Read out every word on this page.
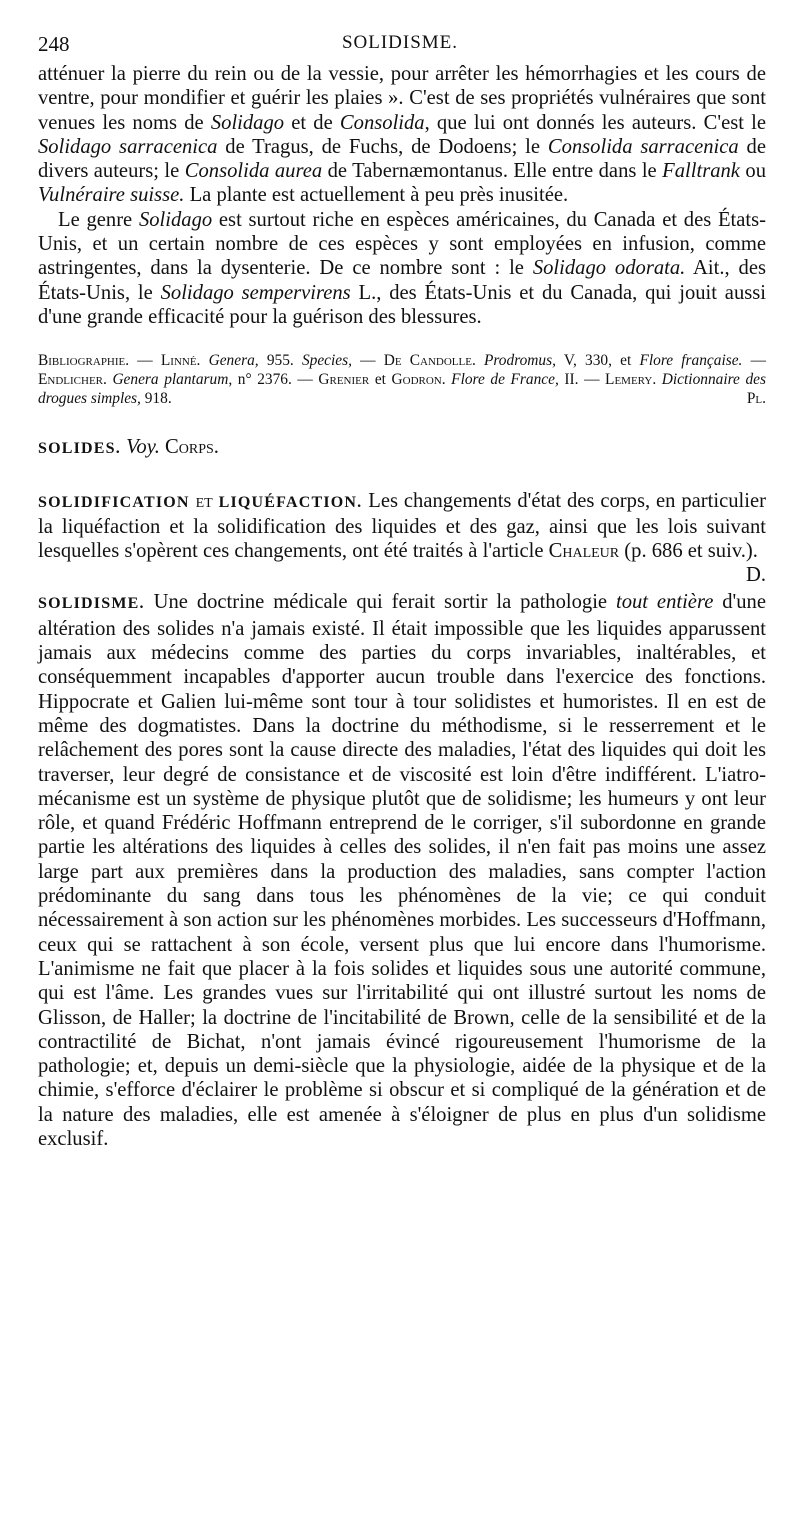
248	SOLIDISME.

atténuer la pierre du rein ou de la vessie, pour arrêter les hémorrhagies et les cours de ventre, pour mondifier et guérir les plaies ». C'est de ses propriétés vulnéraires que sont venues les noms de Solidago et de Consolida, que lui ont donnés les auteurs. C'est le Solidago sarracenica de Tragus, de Fuchs, de Dodoens; le Consolida sarracenica de divers auteurs; le Consolida aurea de Tabernæmontanus. Elle entre dans le Falltrank ou Vulnéraire suisse. La plante est actuellement à peu près inusitée.

Le genre Solidago est surtout riche en espèces américaines, du Canada et des États-Unis, et un certain nombre de ces espèces y sont employées en infusion, comme astringentes, dans la dysenterie. De ce nombre sont : le Solidago odorata. Ait., des États-Unis, le Solidago sempervirens L., des États-Unis et du Canada, qui jouit aussi d'une grande efficacité pour la guérison des blessures.

Bibliographie. — Linné. Genera, 955. Species, — De Candolle. Prodromus, V, 330, et Flore française. — Endlicher. Genera plantarum, n° 2376. — Grenier et Godron. Flore de France, II. — Lemery. Dictionnaire des drogues simples, 918.	Pl.

SOLIDES. Voy. Corps.

SOLIDIFICATION et LIQUÉFACTION. Les changements d'état des corps, en particulier la liquéfaction et la solidification des liquides et des gaz, ainsi que les lois suivant lesquelles s'opèrent ces changements, ont été traités à l'article Chaleur (p. 686 et suiv.).
D.

SOLIDISME. Une doctrine médicale qui ferait sortir la pathologie tout entière d'une altération des solides n'a jamais existé. Il était impossible que les liquides apparussent jamais aux médecins comme des parties du corps invariables, inaltérables, et conséquemment incapables d'apporter aucun trouble dans l'exercice des fonctions. Hippocrate et Galien lui-même sont tour à tour solidistes et humoristes. Il en est de même des dogmatistes. Dans la doctrine du méthodisme, si le resserrement et le relâchement des pores sont la cause directe des maladies, l'état des liquides qui doit les traverser, leur degré de consistance et de viscosité est loin d'être indifférent. L'iatro-mécanisme est un système de physique plutôt que de solidisme; les humeurs y ont leur rôle, et quand Frédéric Hoffmann entreprend de le corriger, s'il subordonne en grande partie les altérations des liquides à celles des solides, il n'en fait pas moins une assez large part aux premières dans la production des maladies, sans compter l'action prédominante du sang dans tous les phénomènes de la vie; ce qui conduit nécessairement à son action sur les phénomènes morbides. Les successeurs d'Hoffmann, ceux qui se rattachent à son école, versent plus que lui encore dans l'humorisme. L'animisme ne fait que placer à la fois solides et liquides sous une autorité commune, qui est l'âme. Les grandes vues sur l'irritabilité qui ont illustré surtout les noms de Glisson, de Haller; la doctrine de l'incitabilité de Brown, celle de la sensibilité et de la contractilité de Bichat, n'ont jamais évincé rigoureusement l'humorisme de la pathologie; et, depuis un demi-siècle que la physiologie, aidée de la physique et de la chimie, s'efforce d'éclairer le problème si obscur et si compliqué de la génération et de la nature des maladies, elle est amenée à s'éloigner de plus en plus d'un solidisme exclusif.
